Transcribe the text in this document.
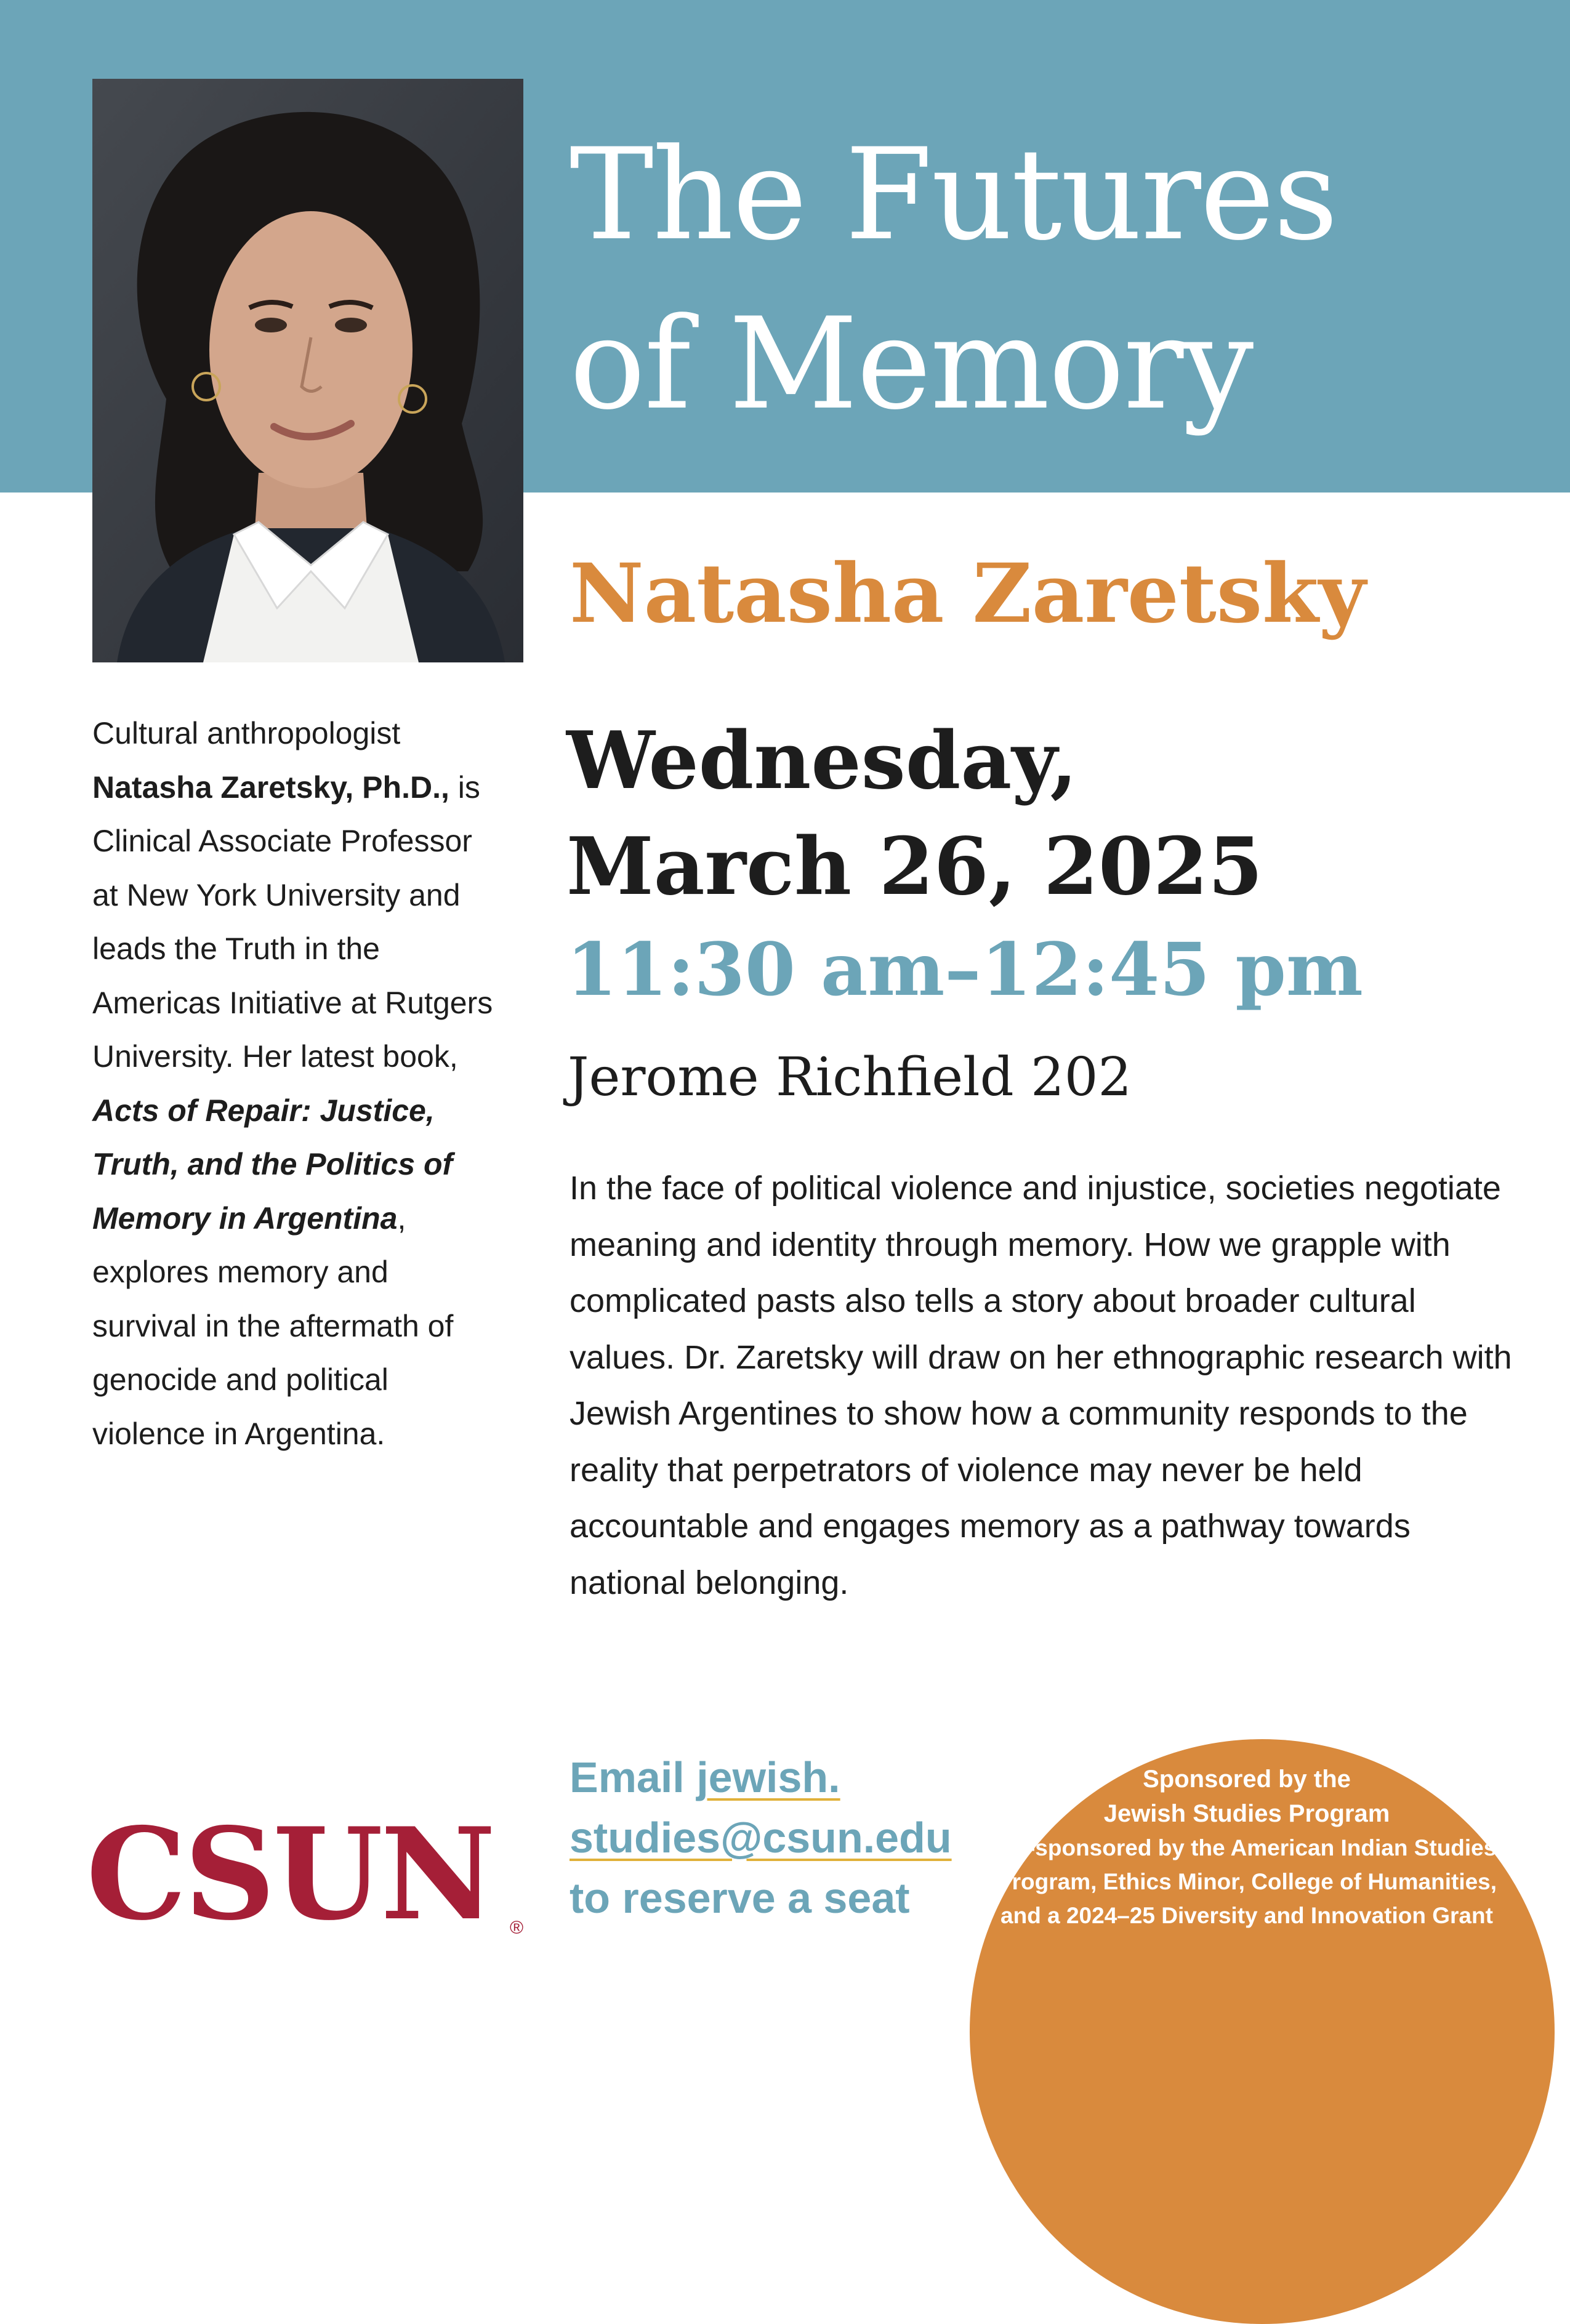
The Futures
of Memory
Natasha Zaretsky
Wednesday,
March 26, 2025
11:30 am–12:45 pm
Jerome Richfield 202

Cultural anthropologist
Natasha Zaretsky, Ph.D., is Clinical Associate Professor at New York University and leads the Truth in the Americas Initiative at Rutgers University. Her latest book, Acts of Repair: Justice, Truth, and the Politics of Memory in Argentina, explores memory and survival in the aftermath of genocide and political violence in Argentina.

In the face of political violence and injustice, societies negotiate meaning and identity through memory. How we grapple with complicated pasts also tells a story about broader cultural values. Dr. Zaretsky will draw on her ethnographic research with Jewish Argentines to show how a community responds to the reality that perpetrators of violence may never be held accountable and engages memory as a pathway towards national belonging.

Email jewish.
studies@csun.edu
to reserve a seat

CSUN ®

Sponsored by the
Jewish Studies Program
Co-sponsored by the American Indian Studies Program, Ethics Minor, College of Humanities, and a 2024–25 Diversity and Innovation Grant
